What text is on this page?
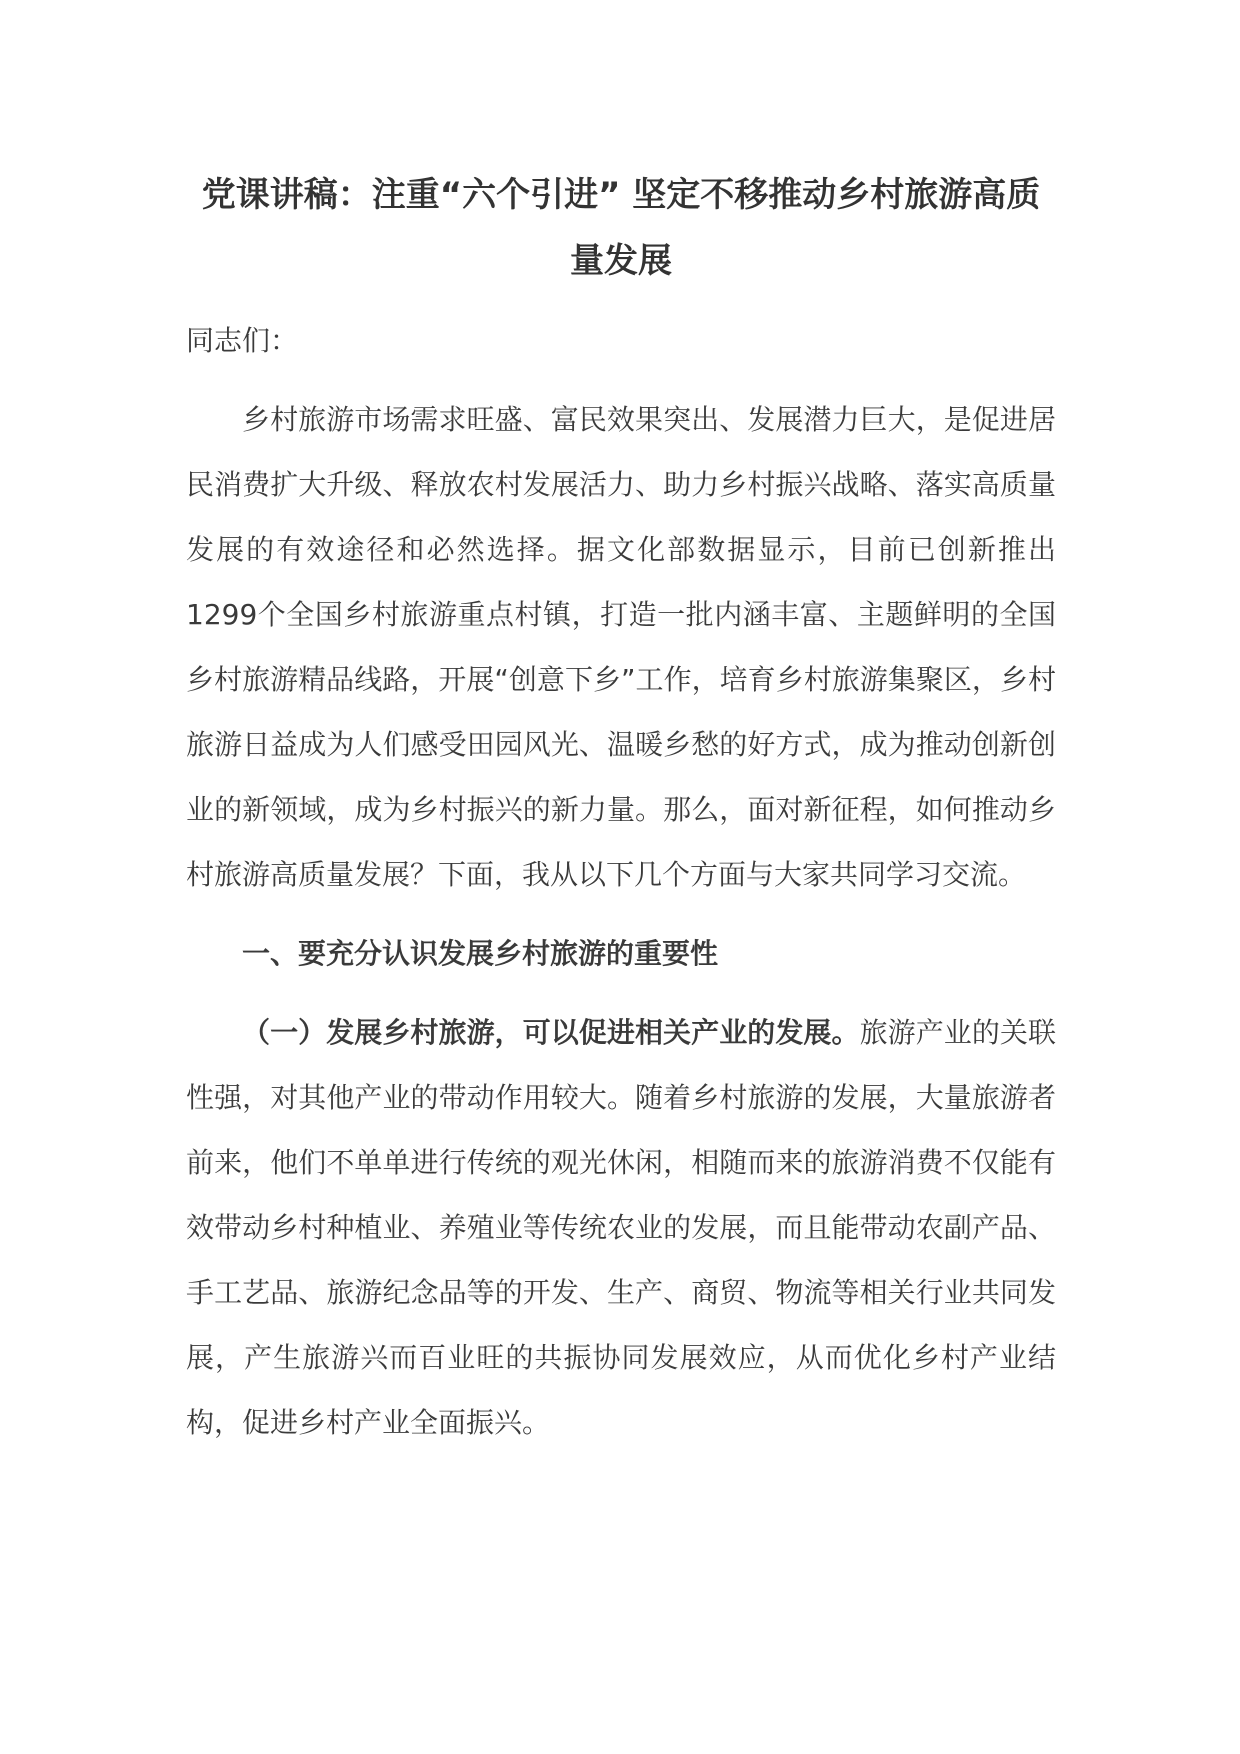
党课讲稿：注重“六个引进” 坚定不移推动乡村旅游高质量发展
同志们：

乡村旅游市场需求旺盛、富民效果突出、发展潜力巨大，是促进居民消费扩大升级、释放农村发展活力、助力乡村振兴战略、落实高质量发展的有效途径和必然选择。据文化部数据显示，目前已创新推出1299个全国乡村旅游重点村镇，打造一批内涵丰富、主题鲜明的全国乡村旅游精品线路，开展“创意下乡”工作，培育乡村旅游集聚区，乡村旅游日益成为人们感受田园风光、温暖乡愁的好方式，成为推动创新创业的新领域，成为乡村振兴的新力量。那么，面对新征程，如何推动乡村旅游高质量发展？下面，我从以下几个方面与大家共同学习交流。

一、要充分认识发展乡村旅游的重要性

（一）发展乡村旅游，可以促进相关产业的发展。旅游产业的关联性强，对其他产业的带动作用较大。随着乡村旅游的发展，大量旅游者前来，他们不单单进行传统的观光休闲，相随而来的旅游消费不仅能有效带动乡村种植业、养殖业等传统农业的发展，而且能带动农副产品、手工艺品、旅游纪念品等的开发、生产、商贸、物流等相关行业共同发展，产生旅游兴而百业旺的共振协同发展效应，从而优化乡村产业结构，促进乡村产业全面振兴。
